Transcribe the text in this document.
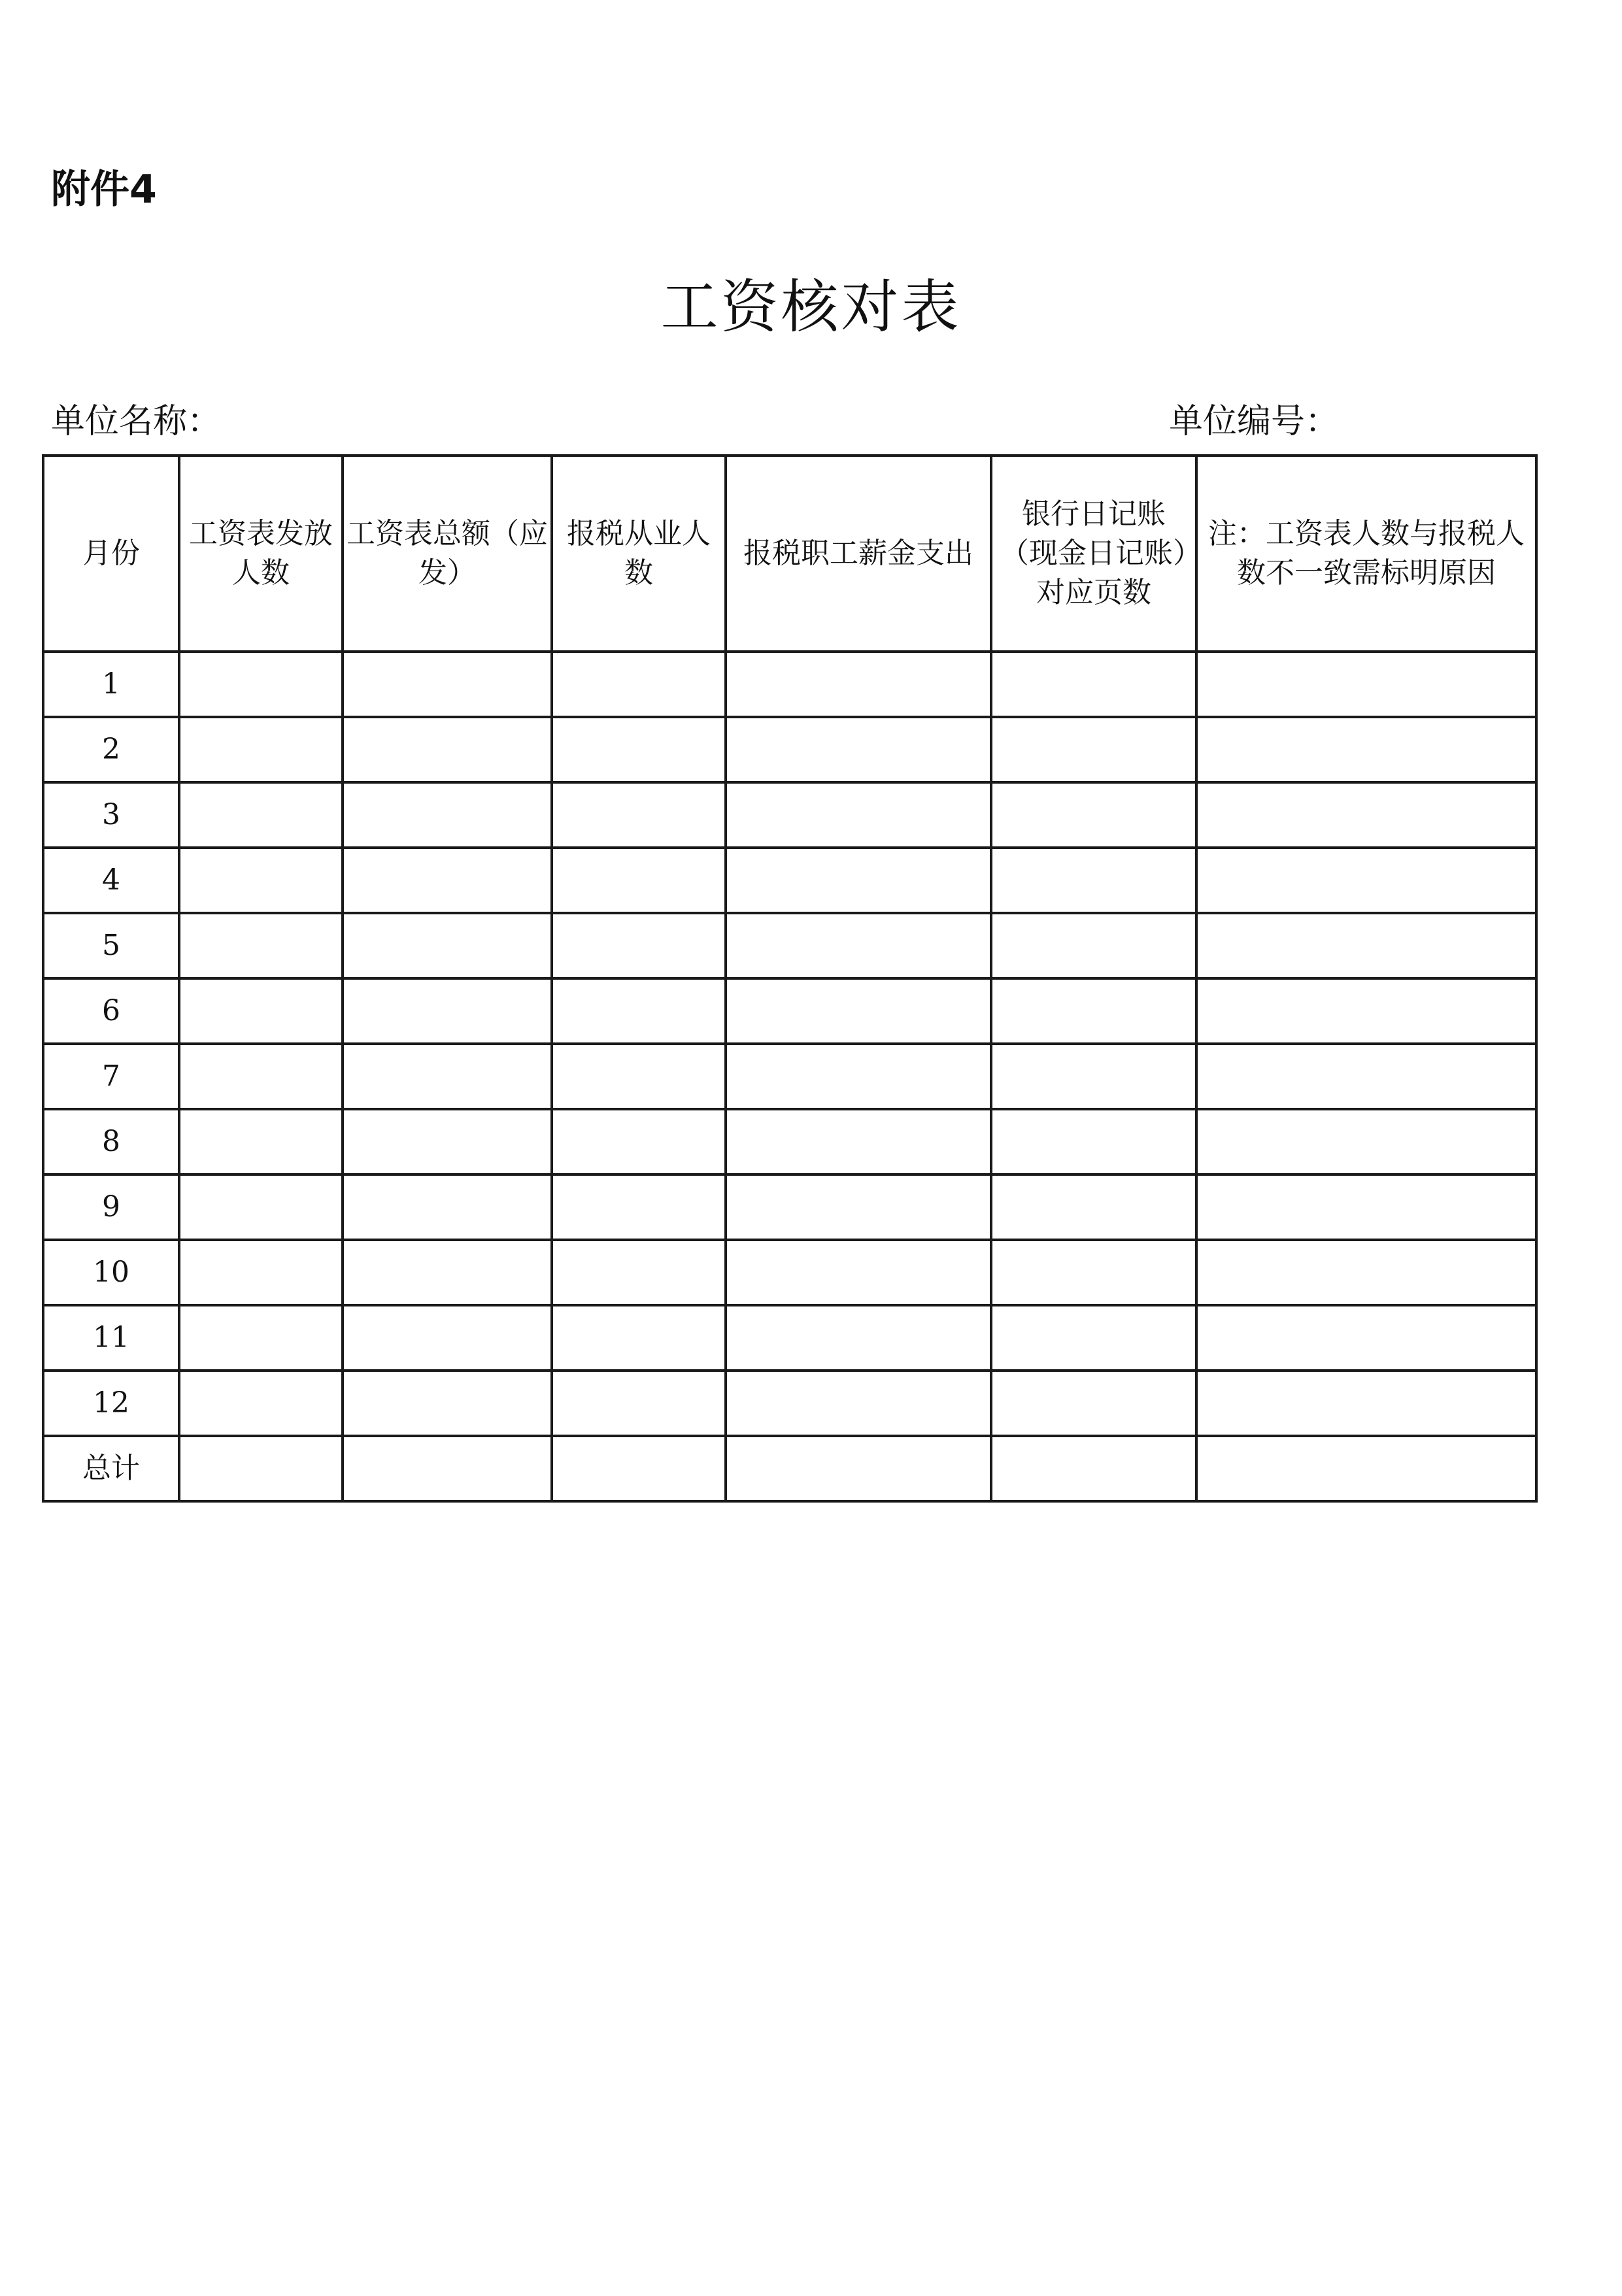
附件4
工资核对表
单位名称：	单位编号：
月份	工资表发放人数	工资表总额（应发）	报税从业人数	报税职工薪金支出	银行日记账（现金日记账）对应页数	注：工资表人数与报税人数不一致需标明原因
1						
2						
3						
4						
5						
6						
7						
8						
9						
10						
11						
12						
总计						
